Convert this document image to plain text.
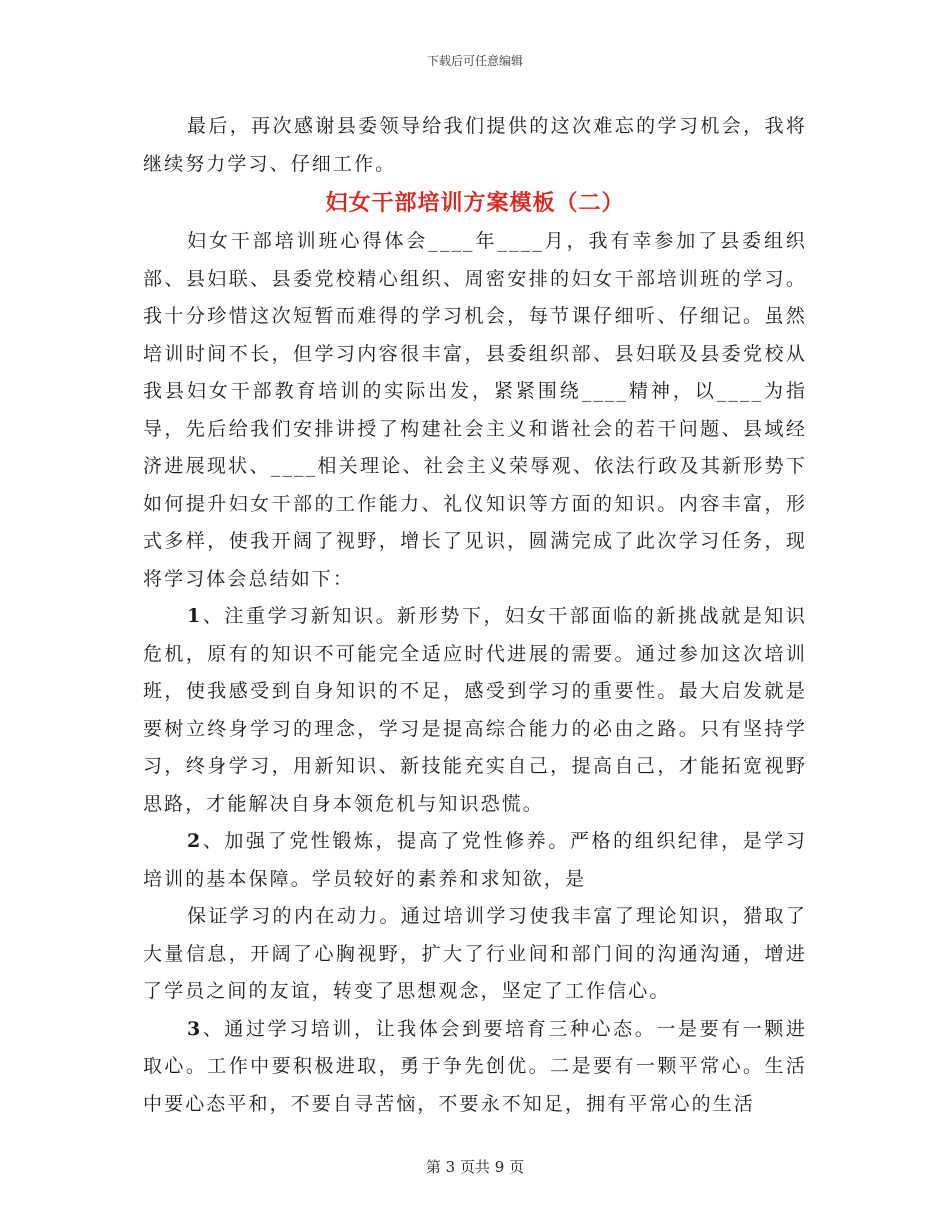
下载后可任意编辑

最后，再次感谢县委领导给我们提供的这次难忘的学习机会，我将继续努力学习、仔细工作。

妇女干部培训方案模板（二）

妇女干部培训班心得体会____年____月，我有幸参加了县委组织部、县妇联、县委党校精心组织、周密安排的妇女干部培训班的学习。我十分珍惜这次短暂而难得的学习机会，每节课仔细听、仔细记。虽然培训时间不长，但学习内容很丰富，县委组织部、县妇联及县委党校从我县妇女干部教育培训的实际出发，紧紧围绕____精神，以____为指导，先后给我们安排讲授了构建社会主义和谐社会的若干问题、县域经济进展现状、____相关理论、社会主义荣辱观、依法行政及其新形势下如何提升妇女干部的工作能力、礼仪知识等方面的知识。内容丰富，形式多样，使我开阔了视野，增长了见识，圆满完成了此次学习任务，现将学习体会总结如下：

1、注重学习新知识。新形势下，妇女干部面临的新挑战就是知识危机，原有的知识不可能完全适应时代进展的需要。通过参加这次培训班，使我感受到自身知识的不足，感受到学习的重要性。最大启发就是要树立终身学习的理念，学习是提高综合能力的必由之路。只有坚持学习，终身学习，用新知识、新技能充实自己，提高自己，才能拓宽视野思路，才能解决自身本领危机与知识恐慌。

2、加强了党性锻炼，提高了党性修养。严格的组织纪律，是学习培训的基本保障。学员较好的素养和求知欲，是

保证学习的内在动力。通过培训学习使我丰富了理论知识，猎取了大量信息，开阔了心胸视野，扩大了行业间和部门间的沟通沟通，增进了学员之间的友谊，转变了思想观念，坚定了工作信心。

3、通过学习培训，让我体会到要培育三种心态。一是要有一颗进取心。工作中要积极进取，勇于争先创优。二是要有一颗平常心。生活中要心态平和，不要自寻苦恼，不要永不知足，拥有平常心的生活

第 3 页共 9 页
